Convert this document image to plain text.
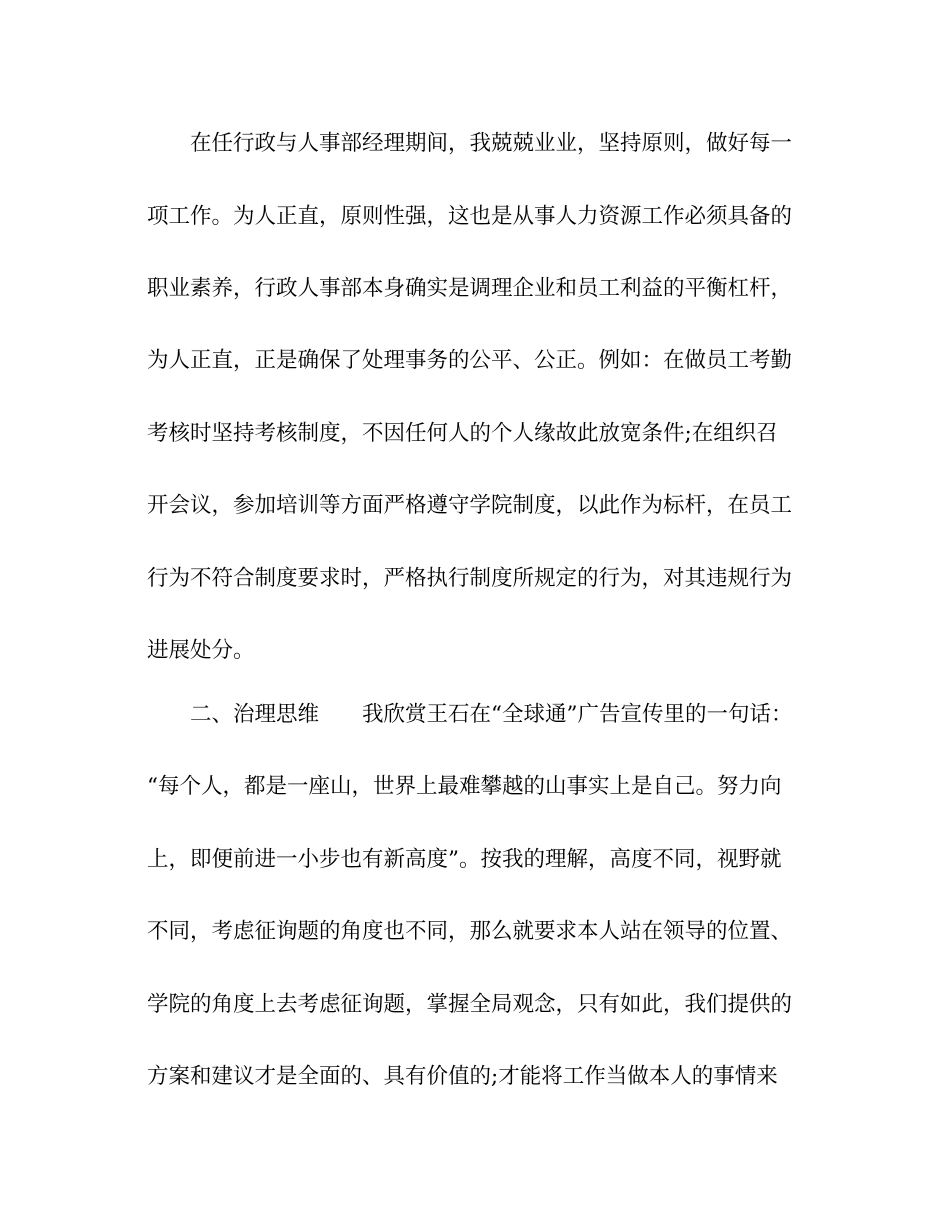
在任行政与人事部经理期间，我兢兢业业，坚持原则，做好每一
项工作。为人正直，原则性强，这也是从事人力资源工作必须具备的
职业素养，行政人事部本身确实是调理企业和员工利益的平衡杠杆，
为人正直，正是确保了处理事务的公平、公正。例如：在做员工考勤
考核时坚持考核制度，不因任何人的个人缘故此放宽条件;在组织召
开会议，参加培训等方面严格遵守学院制度，以此作为标杆，在员工
行为不符合制度要求时，严格执行制度所规定的行为，对其违规行为
进展处分。
二、治理思维　　我欣赏王石在“全球通”广告宣传里的一句话：
“每个人，都是一座山，世界上最难攀越的山事实上是自己。努力向
上，即便前进一小步也有新高度”。按我的理解，高度不同，视野就
不同，考虑征询题的角度也不同，那么就要求本人站在领导的位置、
学院的角度上去考虑征询题，掌握全局观念，只有如此，我们提供的
方案和建议才是全面的、具有价值的;才能将工作当做本人的事情来
